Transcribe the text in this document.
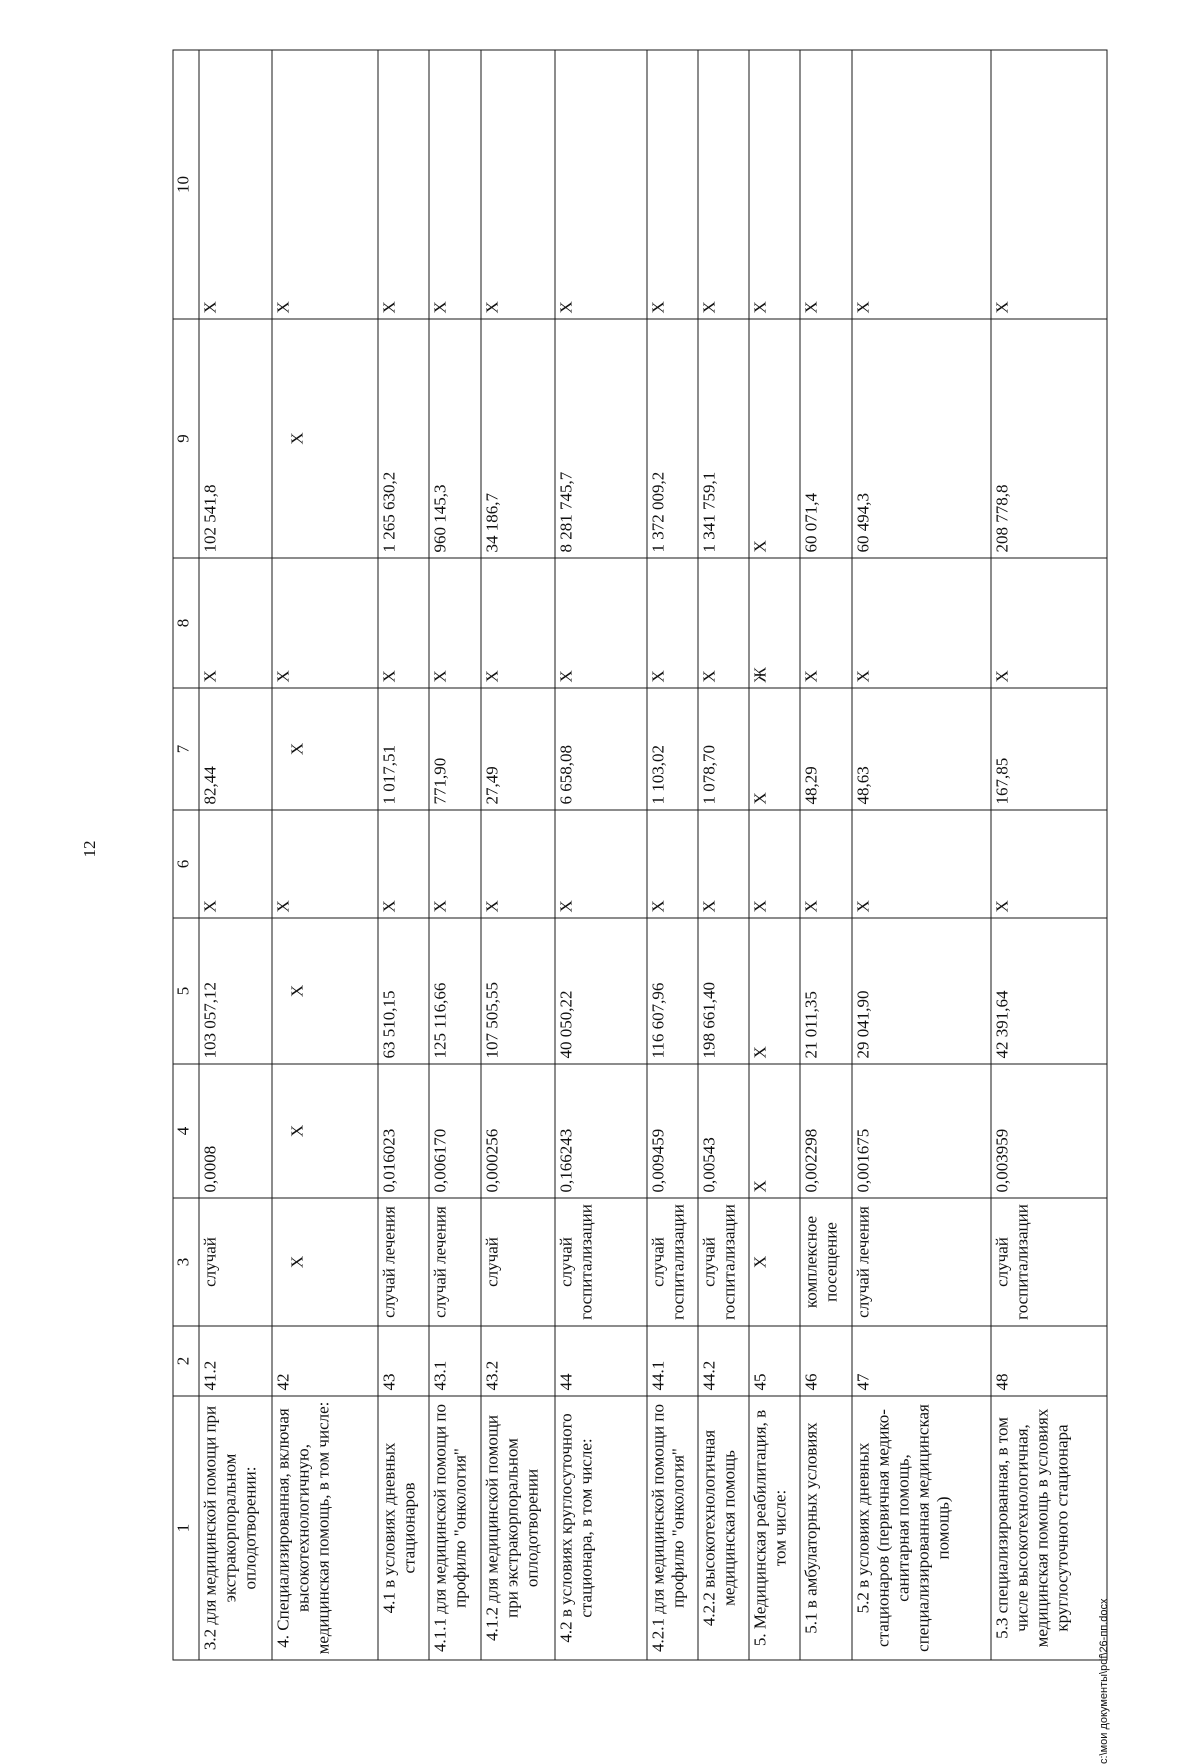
12
1	2	3	4	5	6	7	8	9	10
3.2 для медицинской помощи при экстракорпоральном оплодотворении:	41.2	случай	0,0008	103 057,12	Х	82,44	Х	102 541,8	Х
4. Специализированная, включая высокотехнологичную, медицинская помощь, в том числе:	42	Х	Х	Х	Х	Х	Х	Х	Х
4.1 в условиях дневных стационаров	43	случай лечения	0,016023	63 510,15	Х	1 017,51	Х	1 265 630,2	Х
4.1.1 для медицинской помощи по профилю "онкология"	43.1	случай лечения	0,006170	125 116,66	Х	771,90	Х	960 145,3	Х
4.1.2 для медицинской помощи при экстракорпоральном оплодотворении	43.2	случай	0,000256	107 505,55	Х	27,49	Х	34 186,7	Х
4.2 в условиях круглосуточного стационара, в том числе:	44	случай госпитализации	0,166243	40 050,22	Х	6 658,08	Х	8 281 745,7	Х
4.2.1 для медицинской помощи по профилю "онкология"	44.1	случай госпитализации	0,009459	116 607,96	Х	1 103,02	Х	1 372 009,2	Х
4.2.2 высокотехнологичная медицинская помощь	44.2	случай госпитализации	0,00543	198 661,40	Х	1 078,70	Х	1 341 759,1	Х
5. Медицинская реабилитация, в том числе:	45	Х	Х	Х	Х	Х	Ж	Х	Х
5.1 в амбулаторных условиях	46	комплексное посещение	0,002298	21 011,35	Х	48,29	Х	60 071,4	Х
5.2 в условиях дневных стационаров (первичная медико-санитарная помощь, специализированная медицинская помощь)	47	случай лечения	0,001675	29 041,90	Х	48,63	Х	60 494,3	Х
5.3 специализированная, в том числе высокотехнологичная, медицинская помощь в условиях круглосуточного стационара	48	случай госпитализации	0,003959	42 391,64	Х	167,85	Х	208 778,8	Х
c:\мои документы\pdf\26-пп.docx
